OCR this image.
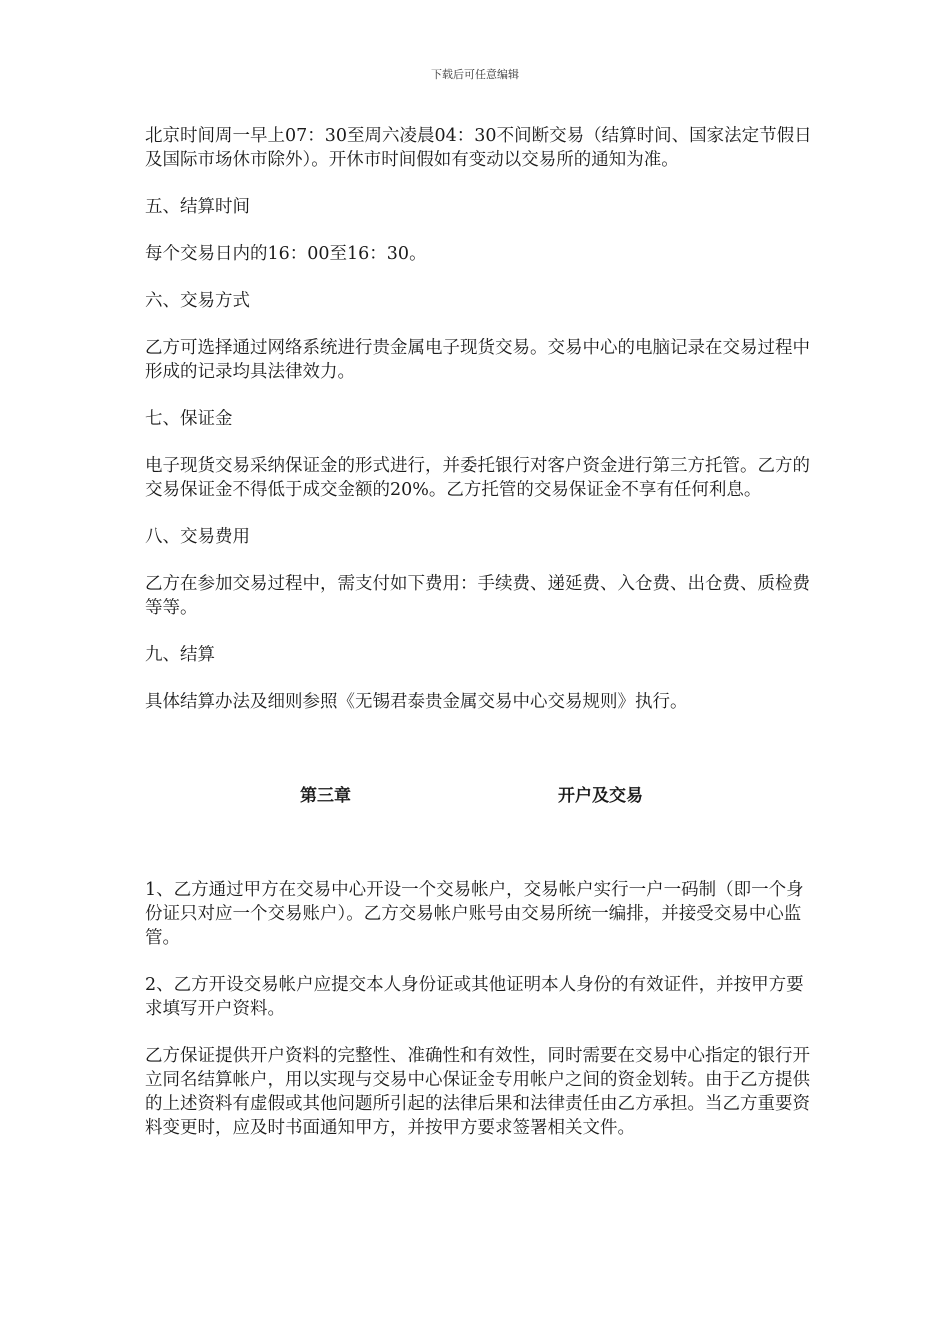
下载后可任意编辑

北京时间周一早上07：30至周六凌晨04：30不间断交易（结算时间、国家法定节假日及国际市场休市除外）。开休市时间假如有变动以交易所的通知为准。

五、结算时间

每个交易日内的16：00至16：30。

六、交易方式

乙方可选择通过网络系统进行贵金属电子现货交易。交易中心的电脑记录在交易过程中形成的记录均具法律效力。

七、保证金

电子现货交易采纳保证金的形式进行，并委托银行对客户资金进行第三方托管。乙方的交易保证金不得低于成交金额的20%。乙方托管的交易保证金不享有任何利息。

八、交易费用

乙方在参加交易过程中，需支付如下费用：手续费、递延费、入仓费、出仓费、质检费等等。

九、结算

具体结算办法及细则参照《无锡君泰贵金属交易中心交易规则》执行。

第三章	开户及交易

1、乙方通过甲方在交易中心开设一个交易帐户，交易帐户实行一户一码制（即一个身份证只对应一个交易账户）。乙方交易帐户账号由交易所统一编排，并接受交易中心监管。

2、乙方开设交易帐户应提交本人身份证或其他证明本人身份的有效证件，并按甲方要求填写开户资料。

乙方保证提供开户资料的完整性、准确性和有效性，同时需要在交易中心指定的银行开立同名结算帐户，用以实现与交易中心保证金专用帐户之间的资金划转。由于乙方提供的上述资料有虚假或其他问题所引起的法律后果和法律责任由乙方承担。当乙方重要资料变更时，应及时书面通知甲方，并按甲方要求签署相关文件。
